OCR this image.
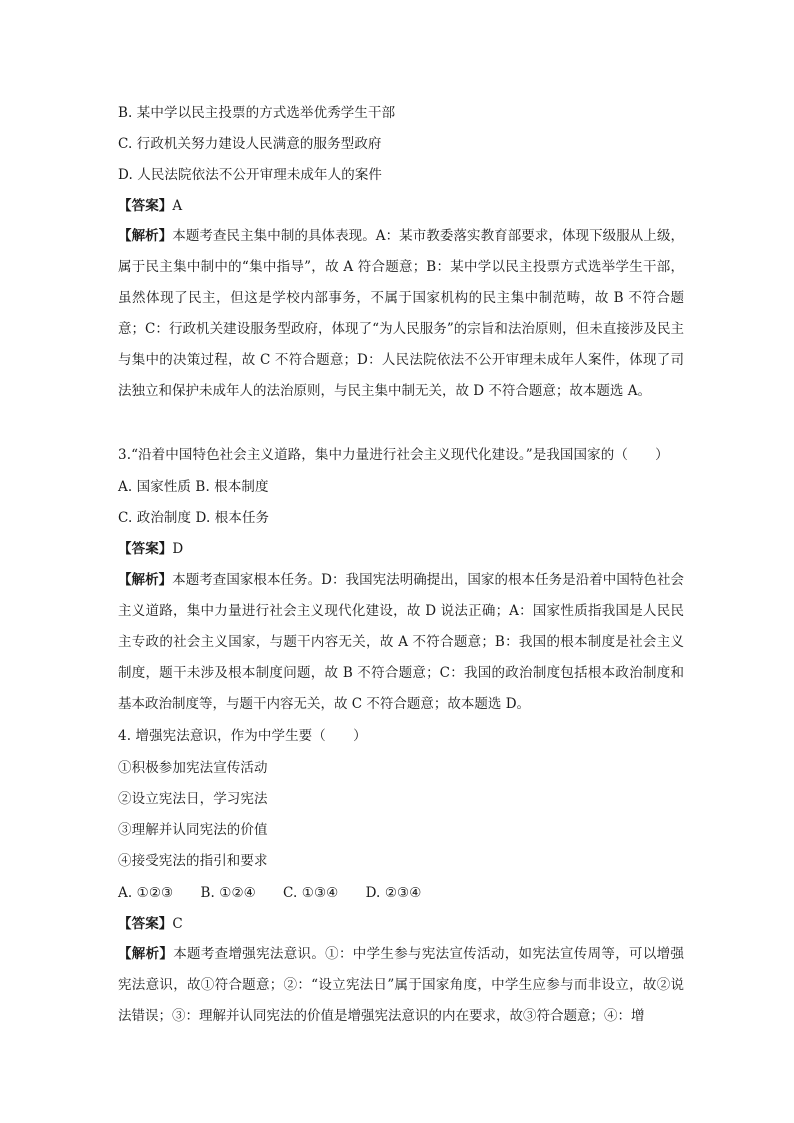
B. 某中学以民主投票的方式选举优秀学生干部
C. 行政机关努力建设人民满意的服务型政府
D. 人民法院依法不公开审理未成年人的案件
【答案】A
【解析】本题考查民主集中制的具体表现。A：某市教委落实教育部要求，体现下级服从上级，属于民主集中制中的“集中指导”，故 A 符合题意；B：某中学以民主投票方式选举学生干部，虽然体现了民主，但这是学校内部事务，不属于国家机构的民主集中制范畴，故 B 不符合题意；C：行政机关建设服务型政府，体现了“为人民服务”的宗旨和法治原则，但未直接涉及民主与集中的决策过程，故 C 不符合题意；D：人民法院依法不公开审理未成年人案件，体现了司法独立和保护未成年人的法治原则，与民主集中制无关，故 D 不符合题意；故本题选 A。
3.“沿着中国特色社会主义道路，集中力量进行社会主义现代化建设。”是我国国家的（　　）
A. 国家性质 B. 根本制度
C. 政治制度 D. 根本任务
【答案】D
【解析】本题考查国家根本任务。D：我国宪法明确提出，国家的根本任务是沿着中国特色社会主义道路，集中力量进行社会主义现代化建设，故 D 说法正确；A：国家性质指我国是人民民主专政的社会主义国家，与题干内容无关，故 A 不符合题意；B：我国的根本制度是社会主义制度，题干未涉及根本制度问题，故 B 不符合题意；C：我国的政治制度包括根本政治制度和基本政治制度等，与题干内容无关，故 C 不符合题意；故本题选 D。
4. 增强宪法意识，作为中学生要（　　）
①积极参加宪法宣传活动
②设立宪法日，学习宪法
③理解并认同宪法的价值
④接受宪法的指引和要求
A. ①②③　　B. ①②④　　C. ①③④　　D. ②③④
【答案】C
【解析】本题考查增强宪法意识。①：中学生参与宪法宣传活动，如宪法宣传周等，可以增强宪法意识，故①符合题意；②：“设立宪法日”属于国家角度，中学生应参与而非设立，故②说法错误；③：理解并认同宪法的价值是增强宪法意识的内在要求，故③符合题意；④：增
